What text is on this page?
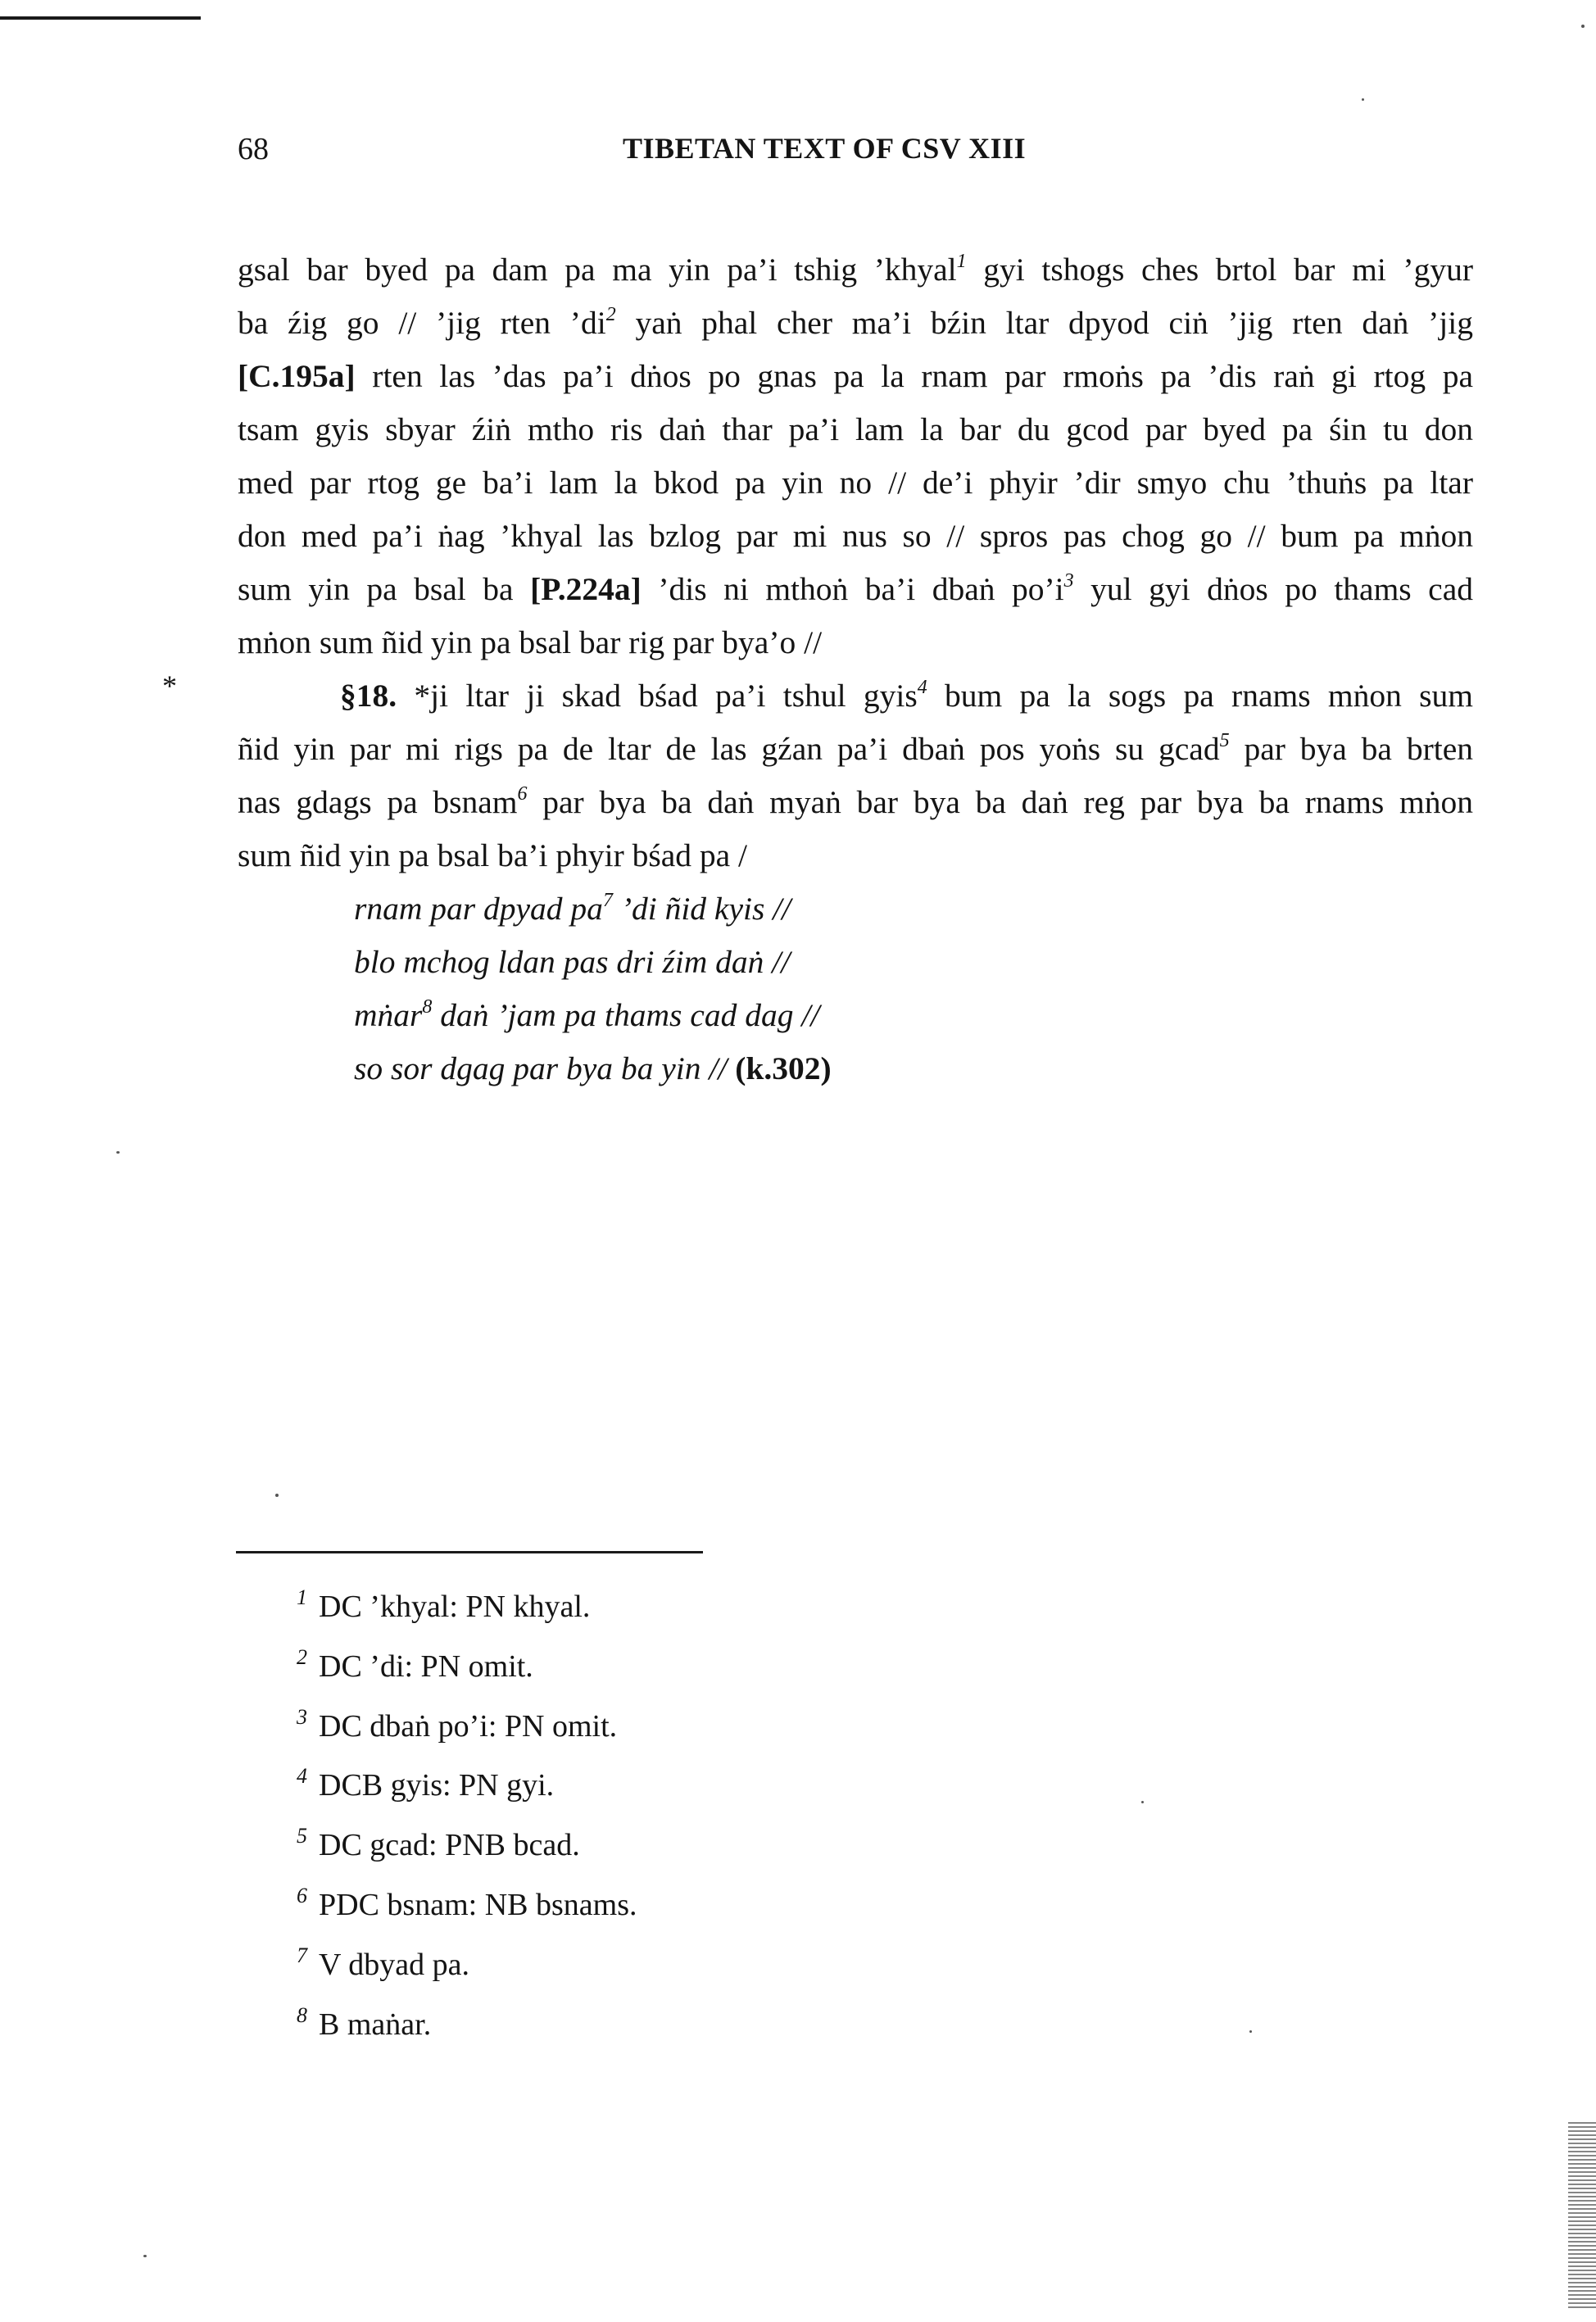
68	TIBETAN TEXT OF CSV XIII
*
gsal bar byed pa dam pa ma yin pa’i tshig ’khyal$^1$ gyi tshogs ches brtol bar mi ’gyur
ba źig go // ’jig rten $’di^2$ yaṅ phal cher ma’i bźin ltar dpyod ciṅ ’jig rten daṅ ’jig
[C.195a] rten las ’das pa’i dṅos po gnas pa la rnam par rmoṅs pa ’dis raṅ gi rtog pa
tsam gyis sbyar źiṅ mtho ris daṅ thar pa’i lam la bar du gcod par byed pa śin tu don
med par rtog ge ba’i lam la bkod pa yin no // de’i phyir ’dir smyo chu ’thuṅs pa ltar
don med pa’i ṅag ’khyal las bzlog par mi nus so // spros pas chog go // bum pa mṅon
sum yin pa bsal ba [P.224a] ’dis ni mthoṅ ba’i dbaṅ $po’i^3$ yul gyi dṅos po thams cad
mṅon sum ñid yin pa bsal bar rig par bya’o //
§18. *ji ltar ji skad bśad pa’i tshul gyis$^4$ bum pa la sogs pa rnams mṅon sum
ñid yin par mi rigs pa de ltar de las gźan pa’i dbaṅ pos yoṅs su gcad$^5$ par bya ba brten
nas gdags pa bsnam$^6$ par bya ba daṅ myaṅ bar bya ba daṅ reg par bya ba rnams mṅon
sum ñid yin pa bsal ba’i phyir bśad pa /
rnam par dpyad $pa^7$ ’di ñid kyis //
blo mchog ldan pas dri źim daṅ //
mṅar$^8$ daṅ ’jam pa thams cad dag //
so sor dgag par bya ba yin // (k.302)
$^1$ DC ’khyal: PN khyal.
$^2$ DC ’di: PN omit.
$^3$ DC dbaṅ po’i: PN omit.
$^4$ DCB gyis: PN gyi.
$^5$ DC gcad: PNB bcad.
$^6$ PDC bsnam: NB bsnams.
$^7$ V dbyad pa.
$^8$ B maṅar.
